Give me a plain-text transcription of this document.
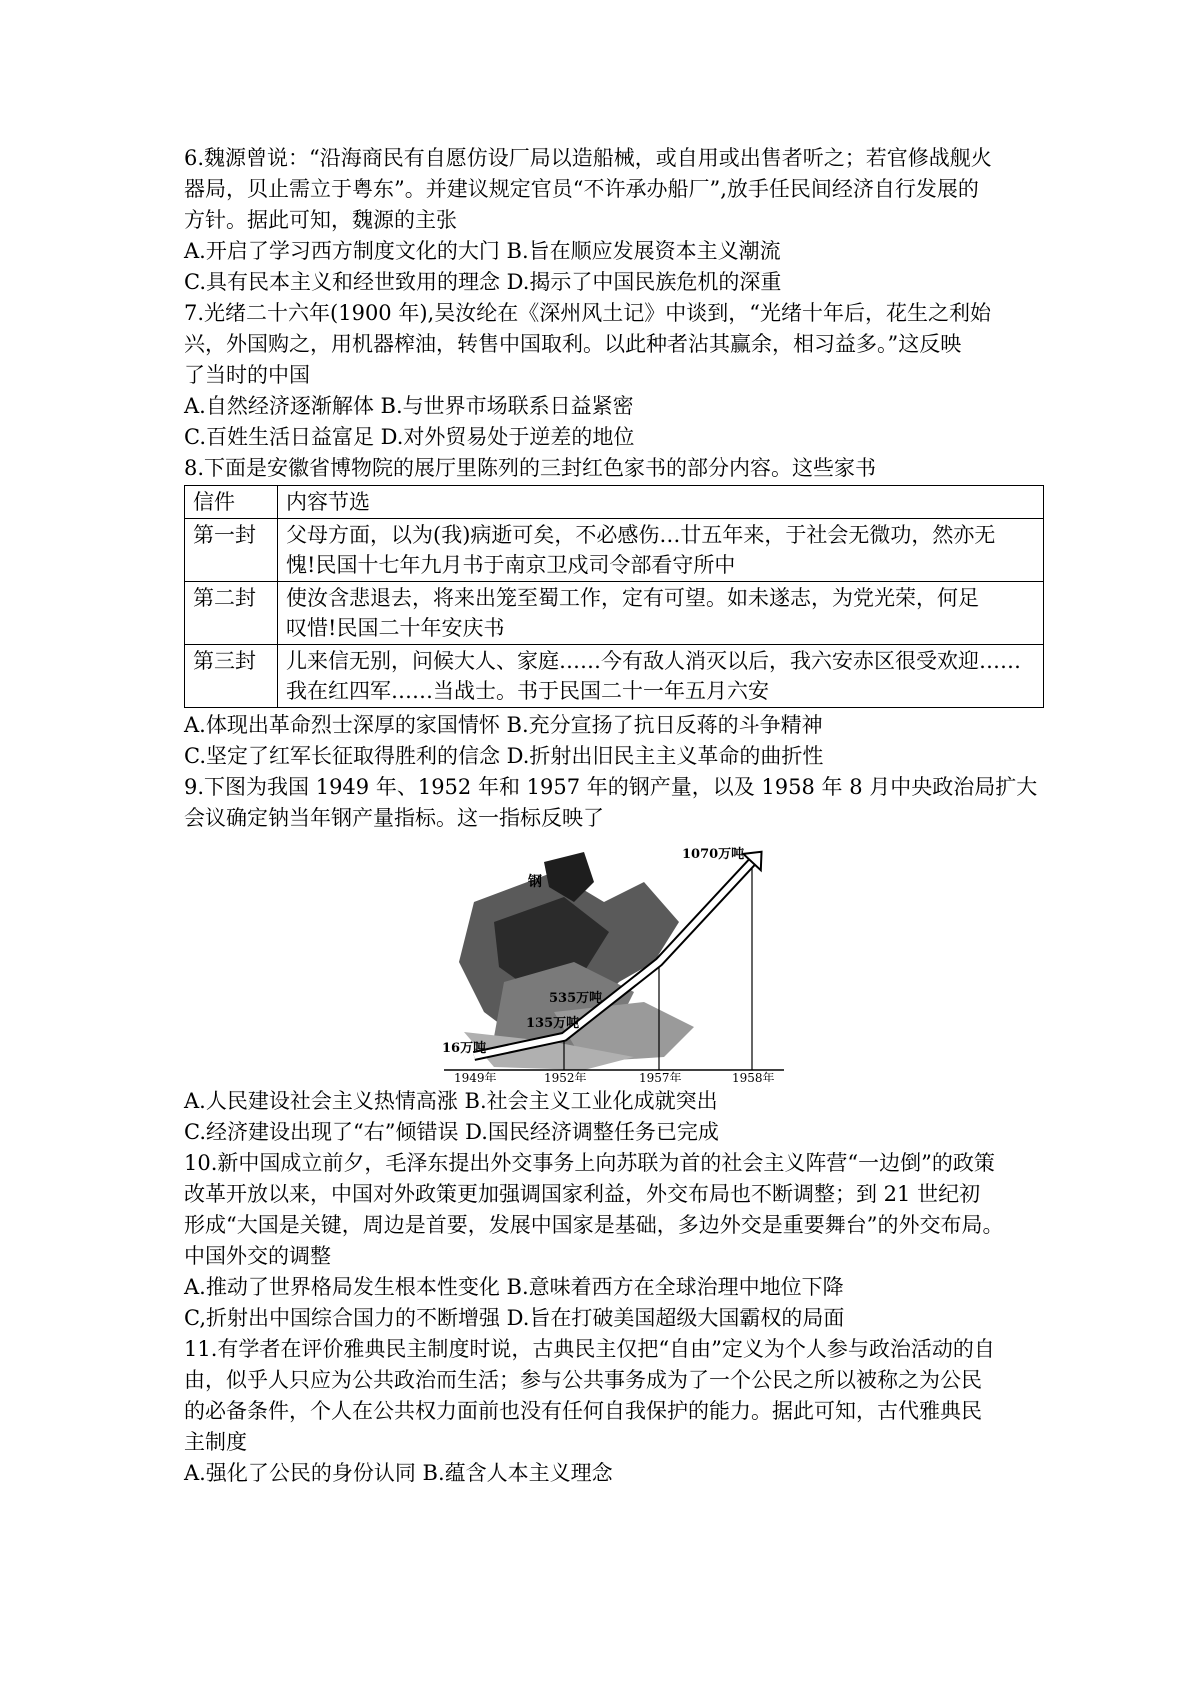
6.魏源曾说：“沿海商民有自愿仿设厂局以造船械，或自用或出售者听之；若官修战舰火
器局，贝止需立于粤东”。并建议规定官员“不许承办船厂”,放手任民间经济自行发展的
方针。据此可知，魏源的主张
A.开启了学习西方制度文化的大门 B.旨在顺应发展资本主义潮流
C.具有民本主义和经世致用的理念 D.揭示了中国民族危机的深重
7.光绪二十六年(1900 年),吴汝纶在《深州风土记》中谈到，“光绪十年后，花生之利始
兴，外国购之，用机器榨油，转售中国取利。以此种者沾其赢余，相习益多。”这反映
了当时的中国
A.自然经济逐渐解体 B.与世界市场联系日益紧密
C.百姓生活日益富足 D.对外贸易处于逆差的地位
8.下面是安徽省博物院的展厅里陈列的三封红色家书的部分内容。这些家书
信件	内容节选
第一封	父母方面，以为(我)病逝可矣，不必感伤…廿五年来，于社会无微功，然亦无
愧!民国十七年九月书于南京卫戍司令部看守所中

第二封	使汝含悲退去，将来出笼至蜀工作，定有可望。如未遂志，为党光荣，何足
叹惜!民国二十年安庆书

第三封	儿来信无别，问候大人、家庭……今有敌人消灭以后，我六安赤区很受欢迎……
我在红四军……当战士。书于民国二十一年五月六安
A.体现出革命烈士深厚的家国情怀 B.充分宣扬了抗日反蒋的斗争精神
C.坚定了红军长征取得胜利的信念 D.折射出旧民主主义革命的曲折性
9.下图为我国 1949 年、1952 年和 1957 年的钢产量，以及 1958 年 8 月中央政治局扩大
会议确定钠当年钢产量指标。这一指标反映了
钢
16万吨
135万吨
535万吨
1070万吨
1949年	1952年	1957年	1958年
A.人民建设社会主义热情高涨 B.社会主义工业化成就突出
C.经济建设出现了“右”倾错误 D.国民经济调整任务已完成
10.新中国成立前夕，毛泽东提出外交事务上向苏联为首的社会主义阵营“一边倒”的政策
改革开放以来，中国对外政策更加强调国家利益，外交布局也不断调整；到 21 世纪初
形成“大国是关键，周边是首要，发展中国家是基础，多边外交是重要舞台”的外交布局。
中国外交的调整
A.推动了世界格局发生根本性变化 B.意味着西方在全球治理中地位下降
C,折射出中国综合国力的不断增强 D.旨在打破美国超级大国霸权的局面
11.有学者在评价雅典民主制度时说，古典民主仅把“自由”定义为个人参与政治活动的自
由，似乎人只应为公共政治而生活；参与公共事务成为了一个公民之所以被称之为公民
的必备条件，个人在公共权力面前也没有任何自我保护的能力。据此可知，古代雅典民
主制度
A.强化了公民的身份认同 B.蕴含人本主义理念
